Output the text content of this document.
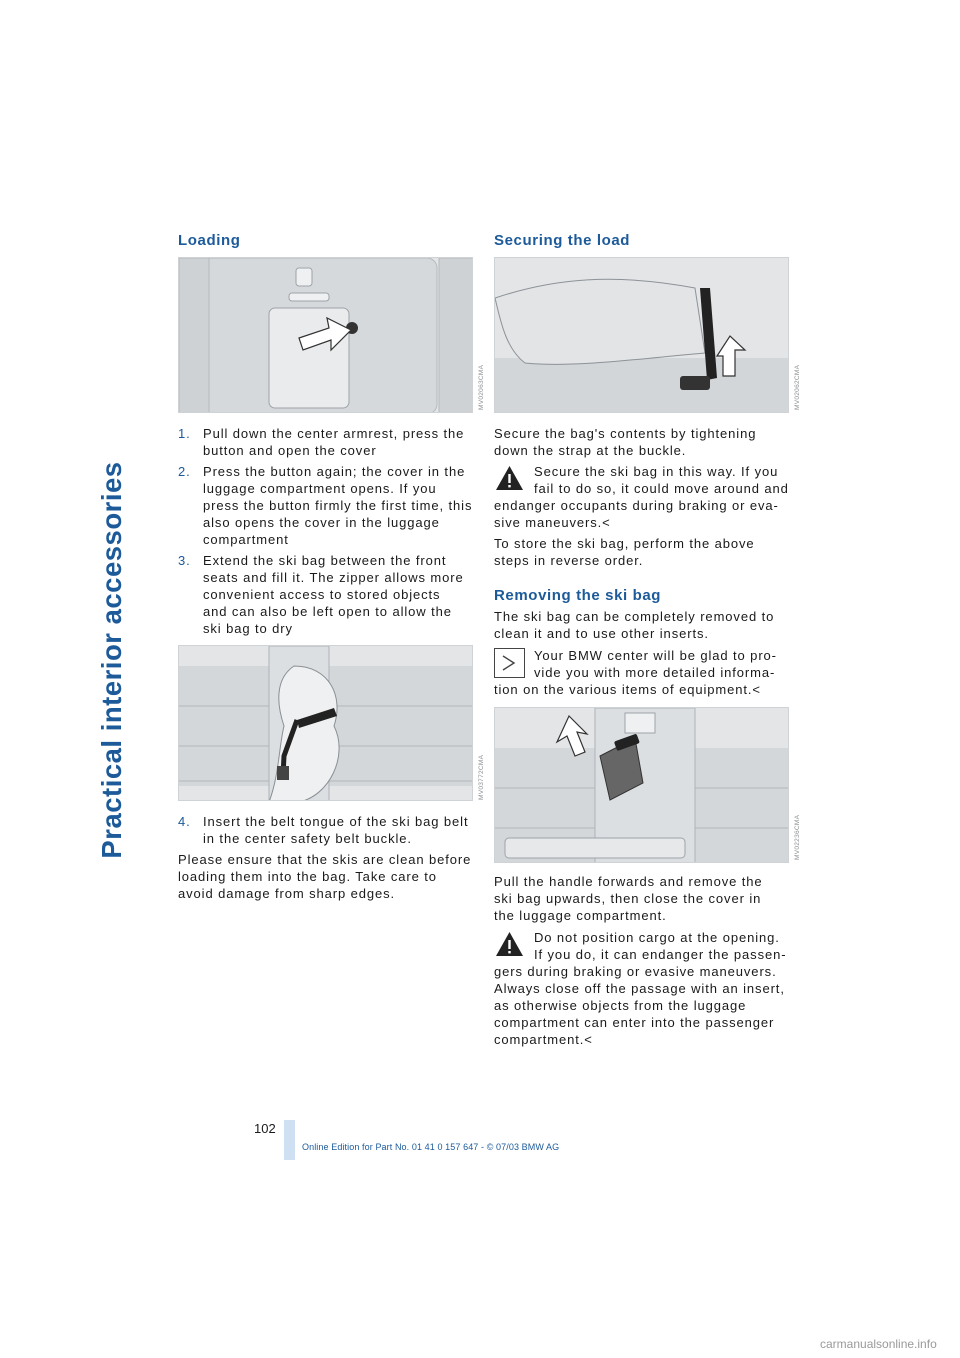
Practical interior accessories
Loading
MV02063CMA
1. Pull down the center armrest, press the
button and open the cover
2. Press the button again; the cover in the
luggage compartment opens. If you
press the button firmly the first time, this
also opens the cover in the luggage
compartment
3. Extend the ski bag between the front
seats and fill it. The zipper allows more
convenient access to stored objects
and can also be left open to allow the
ski bag to dry
MV03772CMA
4. Insert the belt tongue of the ski bag belt
in the center safety belt buckle.

Please ensure that the skis are clean before
loading them into the bag. Take care to
avoid damage from sharp edges.

Securing the load
MV02062CMA

Secure the bag's contents by tightening
down the strap at the buckle.

Secure the ski bag in this way. If you
fail to do so, it could move around and
endanger occupants during braking or eva-
sive maneuvers.<

To store the ski bag, perform the above
steps in reverse order.

Removing the ski bag

The ski bag can be completely removed to
clean it and to use other inserts.

Your BMW center will be glad to pro-
vide you with more detailed informa-
tion on the various items of equipment.<

MV02236CMA

Pull the handle forwards and remove the
ski bag upwards, then close the cover in
the luggage compartment.

Do not position cargo at the opening.
If you do, it can endanger the passen-
gers during braking or evasive maneuvers.
Always close off the passage with an insert,
as otherwise objects from the luggage
compartment can enter into the passenger
compartment.<

102
Online Edition for Part No. 01 41 0 157 647 - © 07/03 BMW AG
carmanualsonline.info
